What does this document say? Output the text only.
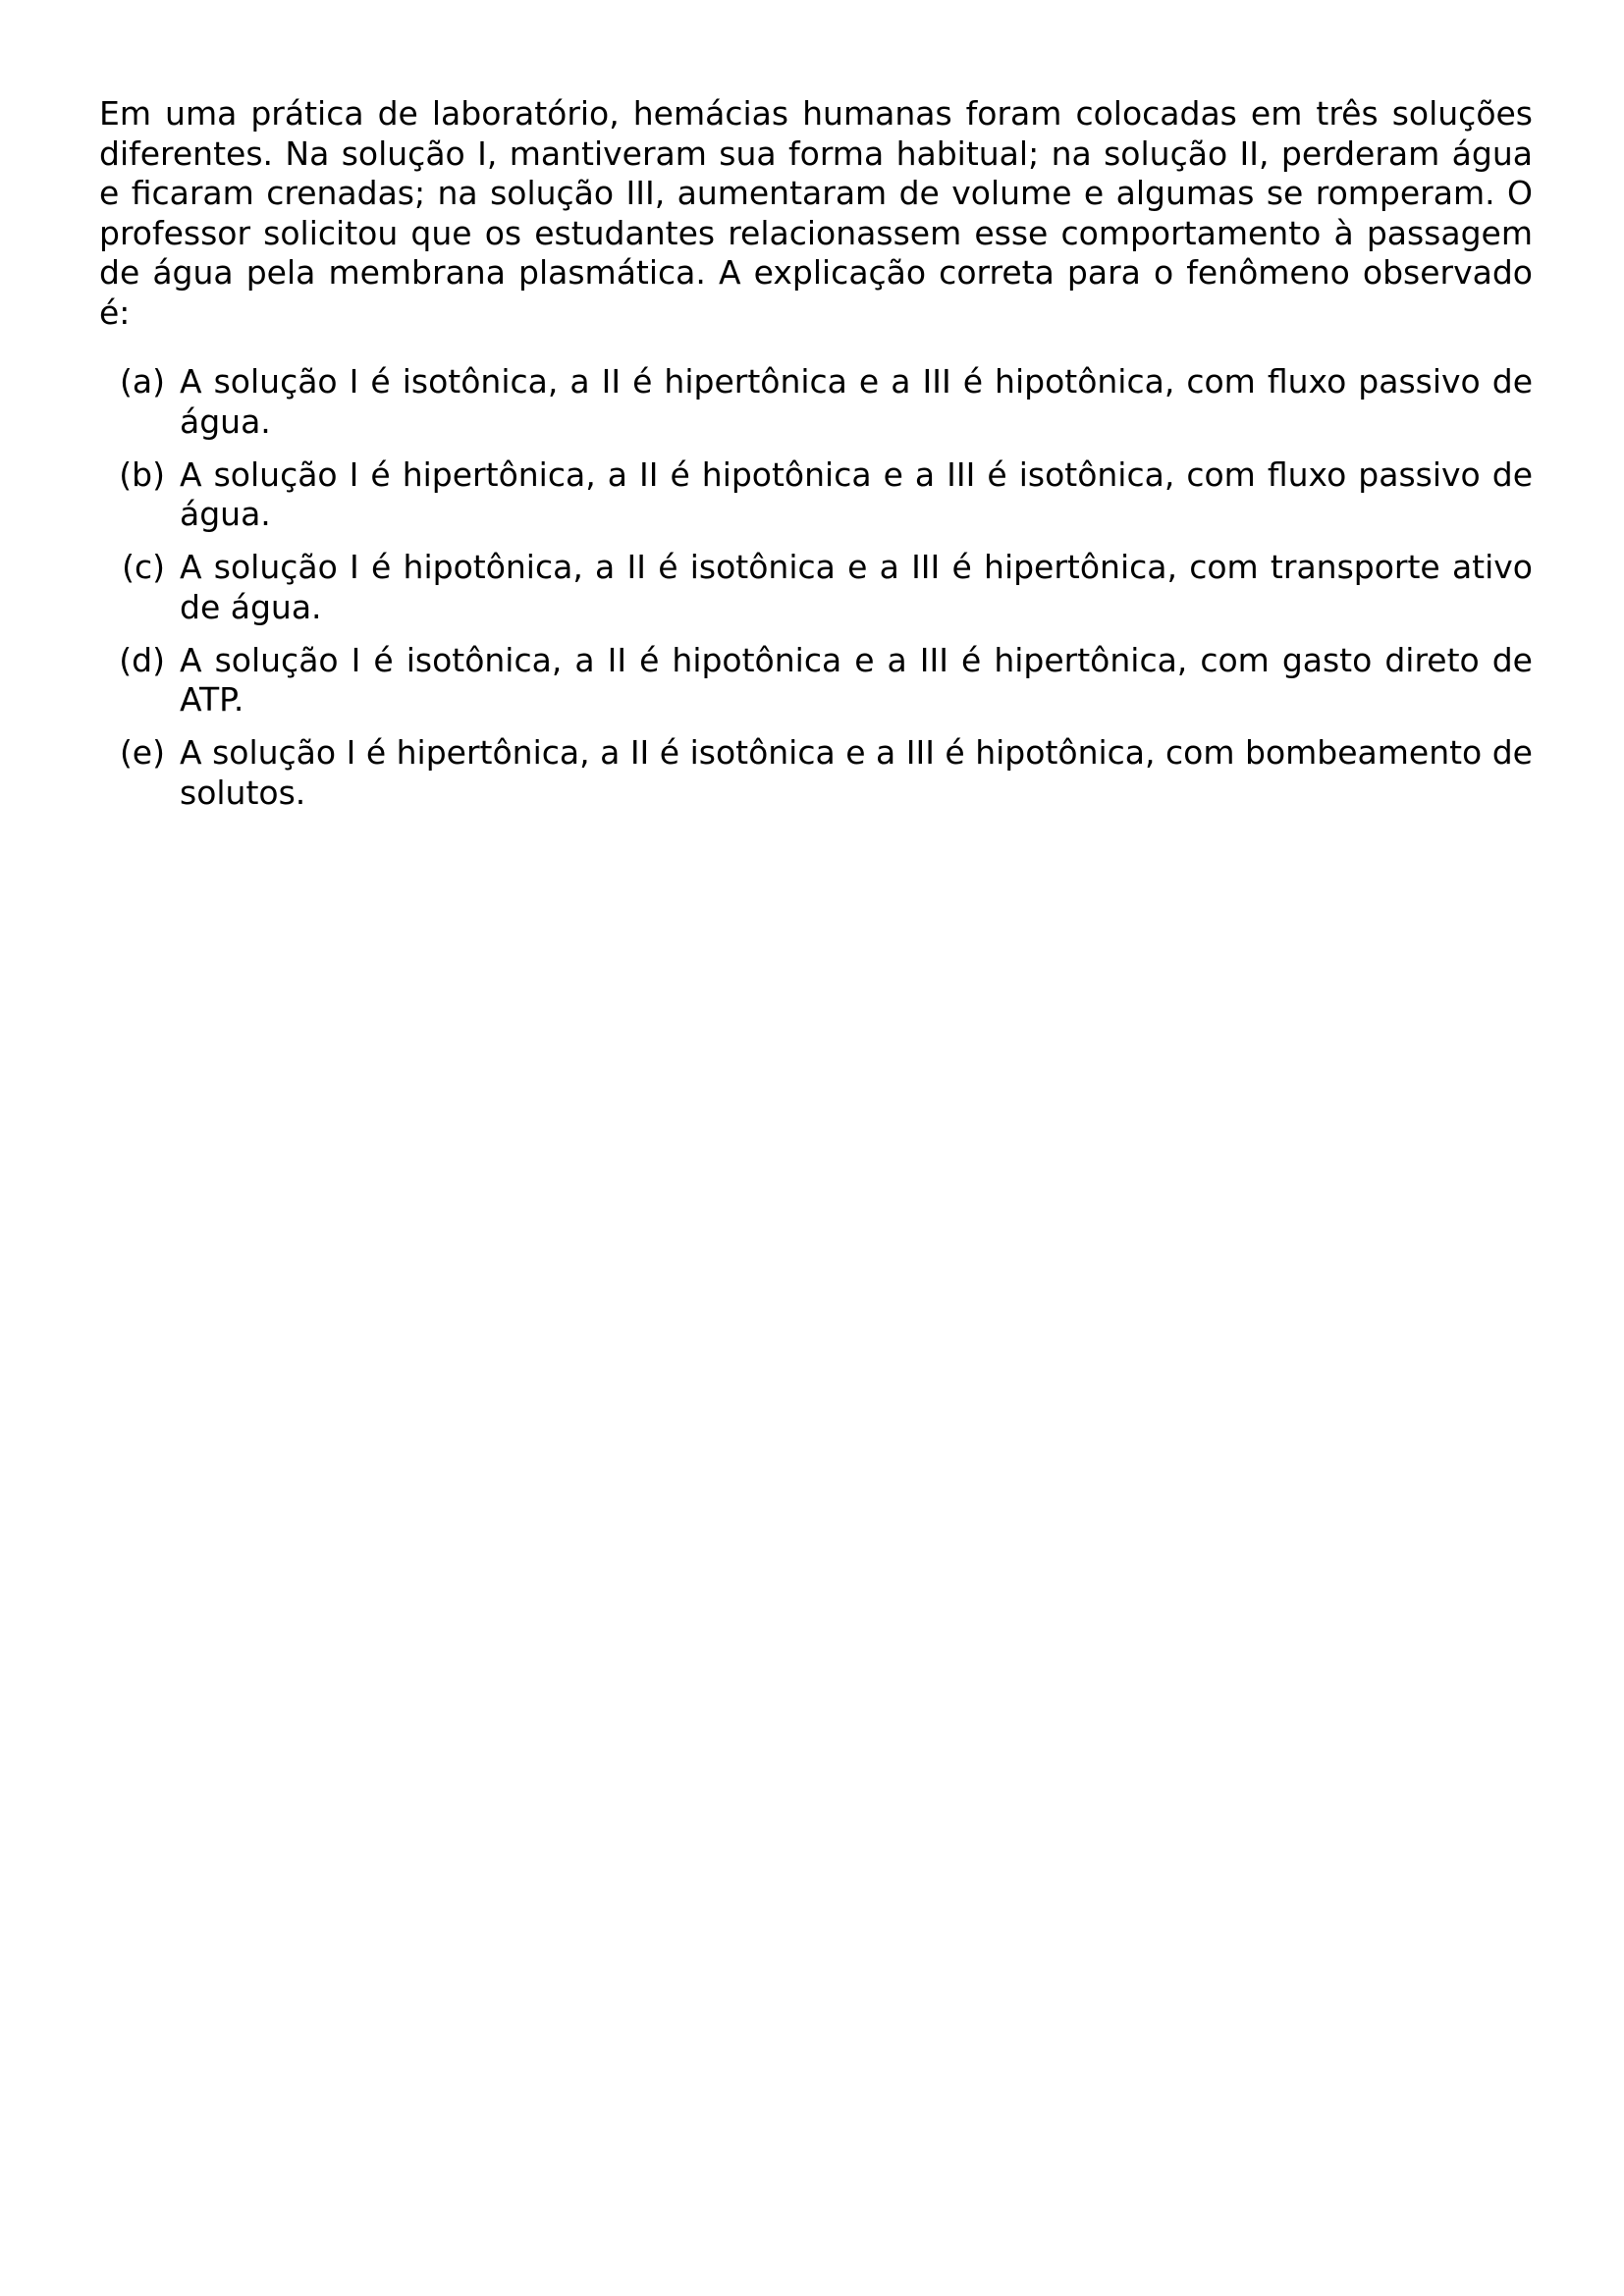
Em uma prática de laboratório, hemácias humanas foram colocadas em três soluções diferentes. Na solução I, mantiveram sua forma habitual; na solução II, perderam água e ficaram crenadas; na solução III, aumentaram de volume e algumas se romperam. O professor solicitou que os estudantes relacionassem esse comportamento à passagem de água pela membrana plasmática. A explicação correta para o fenômeno observado é:

(a) A solução I é isotônica, a II é hipertônica e a III é hipotônica, com fluxo passivo de água.
(b) A solução I é hipertônica, a II é hipotônica e a III é isotônica, com fluxo passivo de água.
(c) A solução I é hipotônica, a II é isotônica e a III é hipertônica, com transporte ativo de água.
(d) A solução I é isotônica, a II é hipotônica e a III é hipertônica, com gasto direto de ATP.
(e) A solução I é hipertônica, a II é isotônica e a III é hipotônica, com bombeamento de solutos.
